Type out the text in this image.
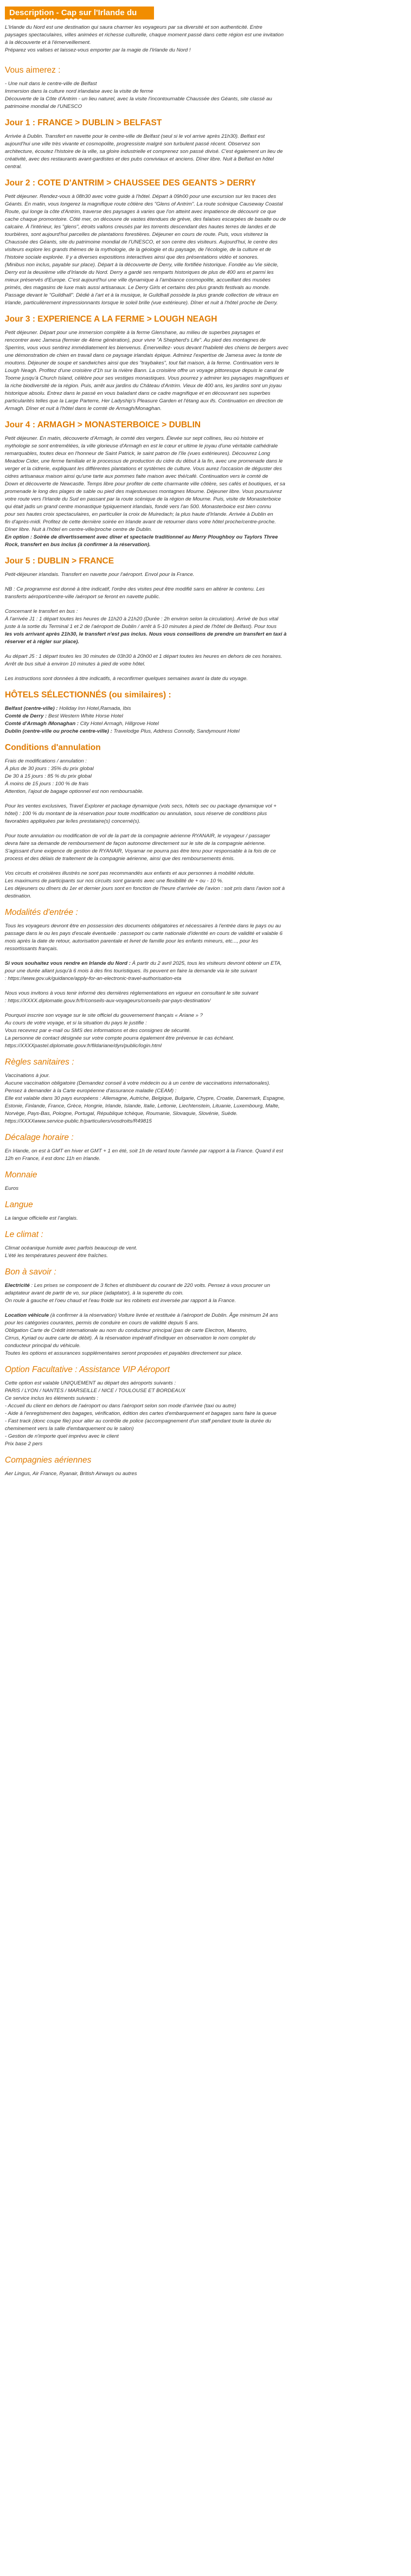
Description - Cap sur l'Irlande du Nord - 5J/4N - 2026
L'Irlande du Nord est une destination qui saura charmer les voyageurs par sa diversité et son authenticité. Entre
paysages spectaculaires, villes animées et richesse culturelle, chaque moment passé dans cette région est une invitation
à la découverte et à l'émerveillement.
Préparez vos valises et laissez-vous emporter par la magie de l'Irlande du Nord !
Vous aimerez :
- Une nuit dans le centre-ville de Belfast
Immersion dans la culture nord irlandaise avec la visite de ferme
Découverte de la Côte d'Antrim - un lieu naturel, avec la visite l'incontournable Chaussée des Géants, site classé au
patrimoine mondial de l'UNESCO
Jour 1 : FRANCE > DUBLIN > BELFAST
Arrivée à Dublin. Transfert en navette pour le centre-ville de Belfast (seul si le vol arrive après 21h30). Belfast est
aujourd'hui une ville très vivante et cosmopolite, progressiste malgré son turbulent passé récent. Observez son
architecture, écoutez l'histoire de la ville, sa gloire industrielle et comprenez son passé divisé. C'est également un lieu de
créativité, avec des restaurants avant-gardistes et des pubs conviviaux et anciens. Dîner libre. Nuit à Belfast en hôtel
central.
Jour 2 : COTE D'ANTRIM > CHAUSSEE DES GEANTS > DERRY
Petit déjeuner. Rendez-vous à 08h30 avec votre guide à l'hôtel. Départ à 09h00 pour une excursion sur les traces des
Géants. En matin, vous longerez la magnifique route côtière des "Glens of Antrim". La route scénique Causeway Coastal
Route, qui longe la côte d'Antrim, traverse des paysages à varies que l'on atteint avec impatience de découvrir ce que
cache chaque promontoire. Côté mer, on découvre de vastes étendues de grève, des falaises escarpées de basalte ou de
calcaire. À l'intérieur, les "glens", étroits vallons creusés par les torrents descendant des hautes terres de landes et de
tourbières, sont aujourd'hui parcelles de plantations forestières. Déjeuner en cours de route. Puis, vous visiterez la
Chaussée des Géants, site du patrimoine mondial de l'UNESCO, et son centre des visiteurs. Aujourd'hui, le centre des
visiteurs explore les grands thèmes de la mythologie, de la géologie et du paysage, de l'écologie, de la culture et de
l'histoire sociale explorée. Il y a diverses expositions interactives ainsi que des présentations vidéo et sonores.
(Minibus non inclus, payable sur place). Départ à la découverte de Derry, ville fortifiée historique. Fondée au Vie siècle,
Derry est la deuxième ville d'Irlande du Nord. Derry a gardé ses remparts historiques de plus de 400 ans et parmi les
mieux préservés d'Europe. C'est aujourd'hui une ville dynamique à l'ambiance cosmopolite, accueillant des musées
primés, des magasins de luxe mais aussi artisanaux. Le Derry Girls et certains des plus grands festivals au monde.
Passage devant le "Guildhall". Dédié à l'art et à la musique, le Guildhall possède la plus grande collection de vitraux en
Irlande, particulièrement impressionnants lorsque le soleil brille (vue extérieure). Dîner et nuit à l'hôtel proche de Derry.
Jour 3 : EXPERIENCE A LA FERME > LOUGH NEAGH
Petit déjeuner. Départ pour une immersion complète à la ferme Glenshane, au milieu de superbes paysages et
rencontrer avec Jamesa (fermier de 4ème génération), pour vivre "A Shepherd's Life". Au pied des montagnes de
Sperrins, vous vous sentirez immédiatement les bienvenus. Émerveillez- vous devant l'habileté des chiens de bergers avec
une démonstration de chien en travail dans ce paysage irlandais épique. Admirez l'expertise de Jamesa avec la tonte de
moutons. Déjeuner de soupe et sandwiches ainsi que des "traybakes", tout fait maison, à la ferme. Continuation vers le
Lough Neagh. Profitez d'une croisière d'1h sur la rivière Bann. La croisière offre un voyage pittoresque depuis le canal de
Toome jusqu'à Church Island, célèbre pour ses vestiges monastiques. Vous pourrez y admirer les paysages magnifiques et
la riche biodiversité de la région. Puis, arrêt aux jardins du Château d'Antrim. Vieux de 400 ans, les jardins sont un joyau
historique absolu. Entrez dans le passé en vous baladant dans ce cadre magnifique et en découvrant ses superbes
particularités telles que la Large Parterre, Her Ladyship's Pleasure Garden et l'étang aux ifs. Continuation en direction de
Armagh. Dîner et nuit à l'hôtel dans le comté de Armagh/Monaghan.
Jour 4 : ARMAGH > MONASTERBOICE > DUBLIN
Petit déjeuner. En matin, découverte d'Armagh, le comté des vergers. Élevée sur sept collines, lieu où histoire et
mythologie se sont entremêlées, la ville glorieuse d'Armagh en est le cœur et ultime le joyau d'une véritable cathédrale
remarquables, toutes deux en l'honneur de Saint Patrick, le saint patron de l'île (vues extérieures). Découvrez Long
Meadow Cider, une ferme familiale et le processus de production du cidre du début à la fin, avec une promenade dans le
verger et la cidrerie, expliquant les différentes plantations et systèmes de culture. Vous aurez l'occasion de déguster des
cidres artisanaux maison ainsi qu'une tarte aux pommes faite maison avec thé/café. Continuation vers le comté de
Down et découverte de Newcastle. Temps libre pour profiter de cette charmante ville côtière, ses cafés et boutiques, et sa
promenade le long des plages de sable ou pied des majestueuses montagnes Mourne. Déjeuner libre. Vous poursuivrez
votre route vers l'Irlande du Sud en passant par la route scénique de la région de Mourne. Puis, visite de Monasterboice
qui était jadis un grand centre monastique typiquement irlandais, fondé vers l'an 500. Monasterboice est bien connu
pour ses hautes croix spectaculaires, en particulier la croix de Muiredach; la plus haute d'Irlande. Arrivée à Dublin en
fin d'après-midi. Profitez de cette dernière soirée en Irlande avant de retourner dans votre hôtel proche/centre-proche.
Dîner libre. Nuit à l'hôtel en centre-ville/proche centre de Dublin.
En option : Soirée de divertissement avec dîner et spectacle traditionnel au Merry Ploughboy ou Taylors Three
Rock, transfert en bus inclus (à confirmer à la réservation).
Jour 5 : DUBLIN > FRANCE
Petit-déjeuner irlandais. Transfert en navette pour l'aéroport. Envol pour la France.
NB : Ce programme est donné à titre indicatif, l'ordre des visites peut être modifié sans en altérer le contenu. Les
transferts aéroport/centre-ville /aéroport se feront en navette public.
Concernant le transfert en bus :
À l'arrivée J1 : 1 départ toutes les heures de 11h20 à 21h20 (Durée : 2h environ selon la circulation). Arrivé de bus vital
juste à la sortie du Terminal 1 et 2 de l'aéroport de Dublin / arrêt à 5-10 minutes à pied de l'hôtel de Belfast). Pour tous
les vols arrivant après 21h30, le transfert n'est pas inclus. Nous vous conseillons de prendre un transfert en taxi à
réserver et à régler sur place).
Au départ J5 : 1 départ toutes les 30 minutes de 03h30 à 20h00 et 1 départ toutes les heures en dehors de ces horaires.
Arrêt de bus situé à environ 10 minutes à pied de votre hôtel.
Les instructions sont données à titre indicatifs, à reconfirmer quelques semaines avant la date du voyage.
HÔTELS SÉLECTIONNÉS (ou similaires) :
Belfast (centre-ville) : Holiday Inn Hotel,Ramada, Ibis
Comté de Derry : Best Western White Horse Hotel
Comté d'Armagh /Monaghan : City Hotel Armagh, Hillgrove Hotel
Dublin (centre-ville ou proche centre-ville) : Travelodge Plus, Address Connolly, Sandymount Hotel
Conditions d'annulation
Frais de modifications / annulation :
À plus de 30 jours : 35% du prix global
De 30 à 15 jours : 85 % du prix global
À moins de 15 jours : 100 % de frais
Attention, l'ajout de bagage optionnel est non remboursable.
Pour les ventes exclusives, Travel Explorer et package dynamique (vols secs, hôtels sec ou package dynamique vol +
hôtel) : 100 % du montant de la réservation pour toute modification ou annulation, sous réserve de conditions plus
favorables appliquées par le/les prestataire(s) concerné(s).
Pour toute annulation ou modification de vol de la part de la compagnie aérienne RYANAIR, le voyageur / passager
devra faire sa demande de remboursement de façon autonome directement sur le site de la compagnie aérienne.
S'agissant d'une exigence de gestion de RYANAIR, Voyamar ne pourra pas être tenu pour responsable à la fois de ce
process et des délais de traitement de la compagnie aérienne, ainsi que des remboursements émis.
Vos circuits et croisières illustrés ne sont pas recommandés aux enfants et aux personnes à mobilité réduite.
Les maximums de participants sur nos circuits sont garantis avec une flexibilité de + ou - 10 %.
Les déjeuners ou dîners du 1er et dernier jours sont en fonction de l'heure d'arrivée de l'avion : soit pris dans l'avion soit à
destination.
Modalités d'entrée :
Tous les voyageurs devront être en possession des documents obligatoires et nécessaires à l'entrée dans le pays ou au
passage dans le ou les pays d'escale éventuelle : passeport ou carte nationale d'identité en cours de validité et valable 6
mois après la date de retour, autorisation parentale et livret de famille pour les enfants mineurs, etc..., pour les
ressortissants français.
Si vous souhaitez vous rendre en Irlande du Nord : À partir du 2 avril 2025, tous les visiteurs devront obtenir un ETA,
pour une durée allant jusqu'à 6 mois à des fins touristiques. Ils peuvent en faire la demande via le site suivant
: https://www.gov.uk/guidance/apply-for-an-electronic-travel-authorisation-eta
Nous vous invitons à vous tenir informé des dernières réglementations en vigueur en consultant le site suivant
: https://XXXX.diplomatie.gouv.fr/fr/conseils-aux-voyageurs/conseils-par-pays-destination/
Pourquoi inscrire son voyage sur le site officiel du gouvernement français « Ariane » ?
Au cours de votre voyage, et si la situation du pays le justifie :
Vous recevrez par e-mail ou SMS des informations et des consignes de sécurité.
La personne de contact désignée sur votre compte pourra également être prévenue le cas échéant.
https://XXXXpastel.diplomatie.gouv.fr/fildariane/dyn/public/login.html
Règles sanitaires :
Vaccinations à jour.
Aucune vaccination obligatoire (Demandez conseil à votre médecin ou à un centre de vaccinations internationales).
Pensez à demander à la Carte européenne d'assurance maladie (CEAM) :
Elle est valable dans 30 pays européens : Allemagne, Autriche, Belgique, Bulgarie, Chypre, Croatie, Danemark, Espagne,
Estonie, Finlande, France, Grèce, Hongrie, Irlande, Islande, Italie, Lettonie, Liechtenstein, Lituanie, Luxembourg, Malte,
Norvège, Pays-Bas, Pologne, Portugal, République tchèque, Roumanie, Slovaquie, Slovénie, Suède.
https://XXXXwww.service-public.fr/particuliers/vosdroits/R49815
Décalage horaire :
En Irlande, on est à GMT en hiver et GMT + 1 en été, soit 1h de retard toute l'année par rapport à la France. Quand il est
12h en France, il est donc 11h en Irlande.
Monnaie
Euros
Langue
La langue officielle est l'anglais.
Le climat :
Climat océanique humide avec parfois beaucoup de vent.
L'été les températures peuvent être fraîches.
Bon à savoir :
Electricité : Les prises se composent de 3 fiches et distribuent du courant de 220 volts. Pensez à vous procurer un
adaptateur avant de partir de vo, sur place (adaptator), à la superette du coin.
On roule à gauche et l'oeu chaud et l'eau froide sur les robinets est inversée par rapport à la France.
Location véhicule (à confirmer à la réservation) Voiture livrée et restituée à l'aéroport de Dublin. Âge minimum 24 ans
pour les catégories courantes, permis de conduire en cours de validité depuis 5 ans.
Obligation Carte de Crédit internationale au nom du conducteur principal (pas de carte Electron, Maestro,
Cirrus, Kyriad ou autre carte de débit). À la réservation impératif d'indiquer en observation le nom complet du
conducteur principal du véhicule.
Toutes les options et assurances supplémentaires seront proposées et payables directement sur place.
Option Facultative : Assistance VIP Aéroport
Cette option est valable UNIQUEMENT au départ des aéroports suivants :
PARIS / LYON / NANTES / MARSEILLE / NICE / TOULOUSE ET BORDEAUX
Ce service inclus les éléments suivants :
- Accueil du client en dehors de l'aéroport ou dans l'aéroport selon son mode d'arrivée (taxi ou autre)
- Aide à l'enregistrement des bagages, vérification, édition des cartes d'embarquement et bagages sans faire la queue
- Fast track (donc coupe file) pour aller au contrôle de police (accompagnement d'un staff pendant toute la durée du
cheminement vers la salle d'embarquement ou le salon)
- Gestion de n'importe quel imprévu avec le client
Prix base 2 pers
Compagnies aériennes
Aer Lingus, Air France, Ryanair, British Airways ou autres
